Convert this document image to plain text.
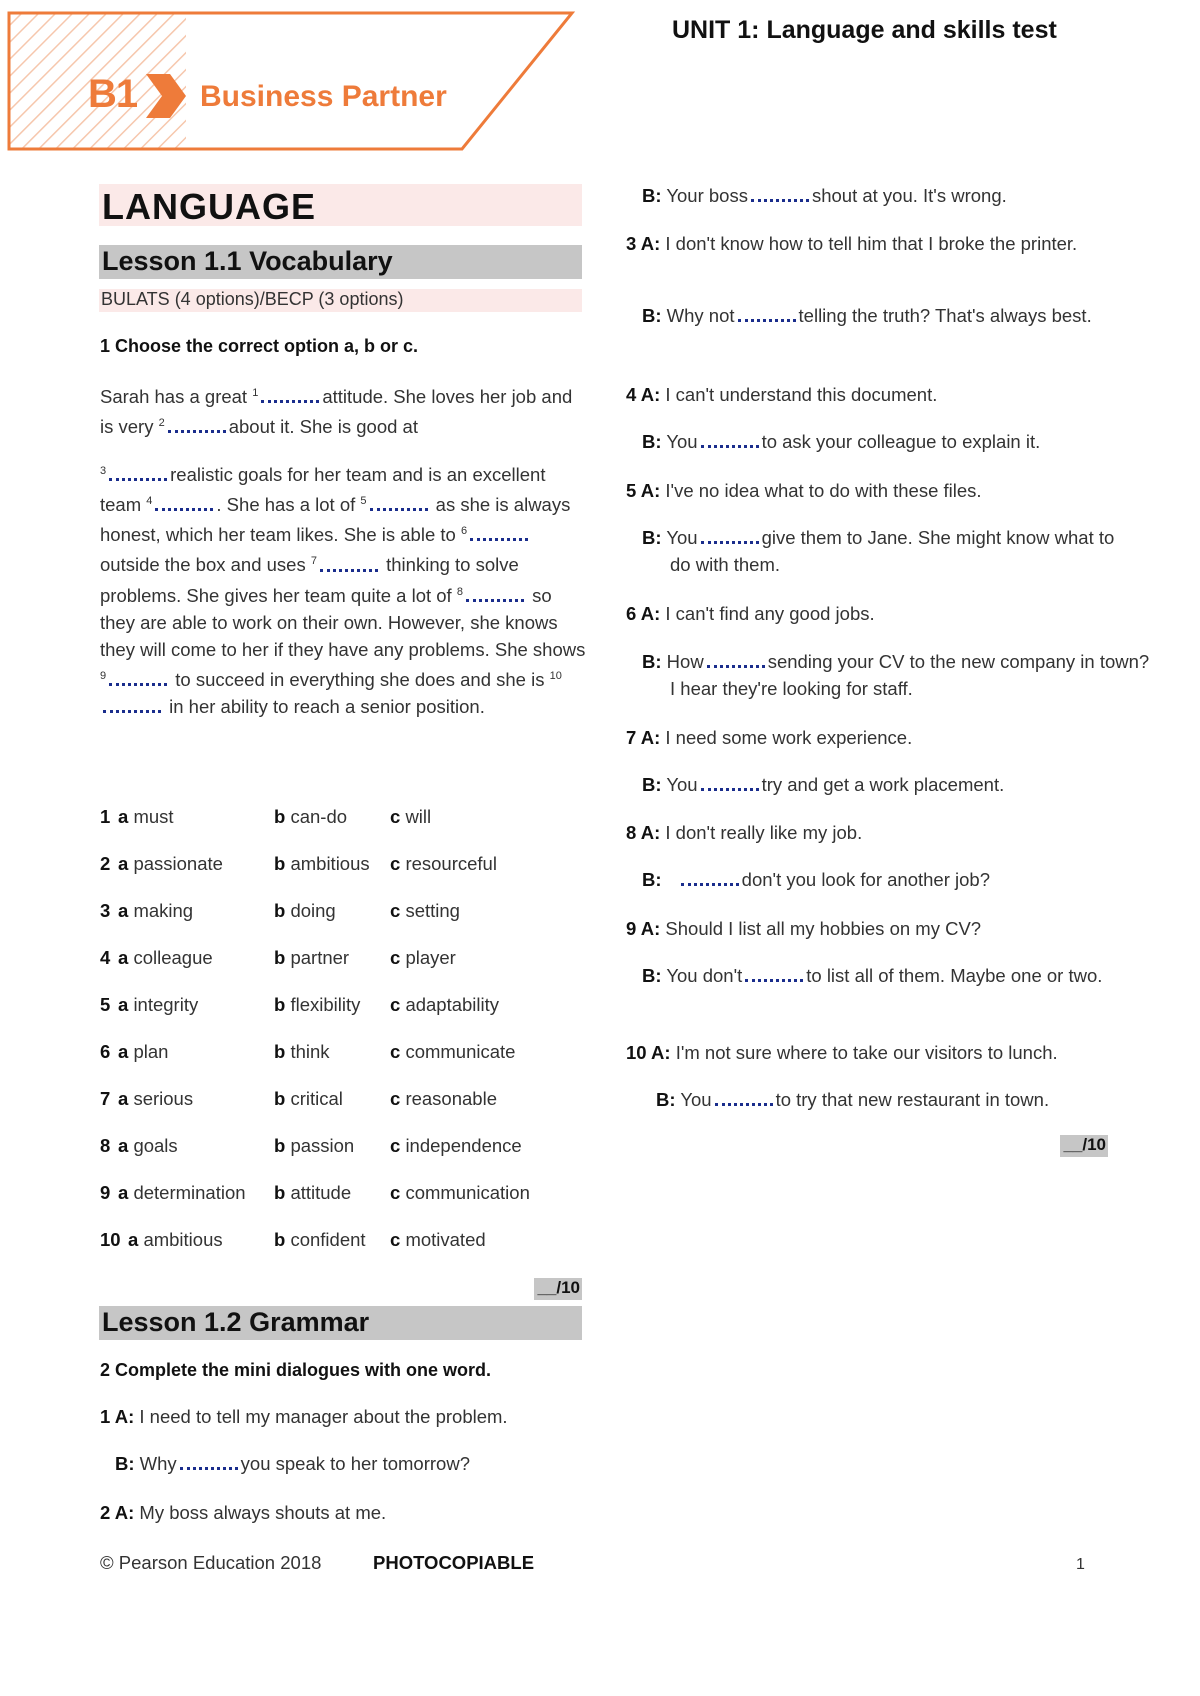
B1 Business Partner
UNIT 1: Language and skills test
LANGUAGE
Lesson 1.1 Vocabulary
BULATS (4 options)/BECP (3 options)
1 Choose the correct option a, b or c.
Sarah has a great $^1$	attitude. She loves her job and is very $^2$	about it. She is good at
$^3$	realistic goals for her team and is an excellent team $^4$	. She has a lot of $^5$	as she is always honest, which her team likes. She is able to $^6$ outside the box and uses $^7$	thinking to solve problems. She gives her team quite a lot of $^8$	so they are able to work on their own. However, she knows they will come to her if they have any problems. She shows $^9$	to succeed in everything she does and she is $^{10}$ in her ability to reach a senior position.
1 a must	b can-do c will
2 a passionate	b ambitious c resourceful
3 a making	b doing	c setting
4 a colleague	b partner c player
5 a integrity	b flexibility c adaptability
6 a plan	b think	c communicate
7 a serious	b critical	c reasonable
8 a goals	b passion c independence
9 a determination b attitude c communication
10 a ambitious	b confident c motivated
__/10
Lesson 1.2 Grammar
2 Complete the mini dialogues with one word.
1 A: I need to tell my manager about the problem.
B: Why	you speak to her tomorrow?
2 A: My boss always shouts at me.
B: Your boss	shout at you. It's wrong.
3 A: I don't know how to tell him that I broke the printer.
B: Why not	telling the truth? That's always best.
4 A: I can't understand this document.
B: You	to ask your colleague to explain it.
5 A: I've no idea what to do with these files.
B: You	give them to Jane. She might know what to do with them.
6 A: I can't find any good jobs.
B: How	sending your CV to the new company in town? I hear they're looking for staff.
7 A: I need some work experience.
B: You	try and get a work placement.
8 A: I don't really like my job.
B:	don't you look for another job?
9 A: Should I list all my hobbies on my CV?
B: You don't	to list all of them. Maybe one or two.
10 A: I'm not sure where to take our visitors to lunch.
B: You	to try that new restaurant in town.
__/10
© Pearson Education 2018	PHOTOCOPIABLE	1
